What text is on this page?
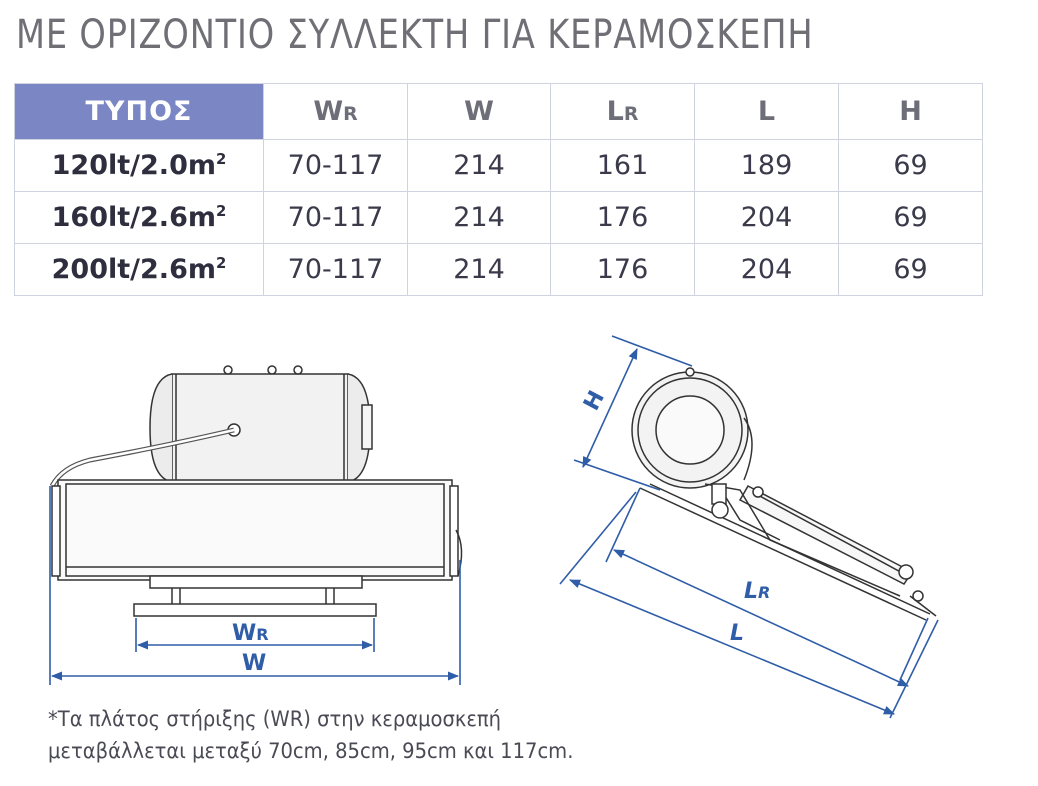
ΜΕ ΟΡΙΖΟΝΤΙΟ ΣΥΛΛΕΚΤΗ ΓΙΑ ΚΕΡΑΜΟΣΚΕΠΗ
ΤΥΠΟΣ	WR	W	LR	L	H
$120lt/2.0m^2$	70-117	214	161	189	69
$160lt/2.6m^2$	70-117	214	176	204	69
$200lt/2.6m^2$	70-117	214	176	204	69
WR
W
H
LR
L
*Τα πλάτος στήριξης (WR) στην κεραμοσκεπή
μεταβάλλεται μεταξύ 70cm, 85cm, 95cm και 117cm.
